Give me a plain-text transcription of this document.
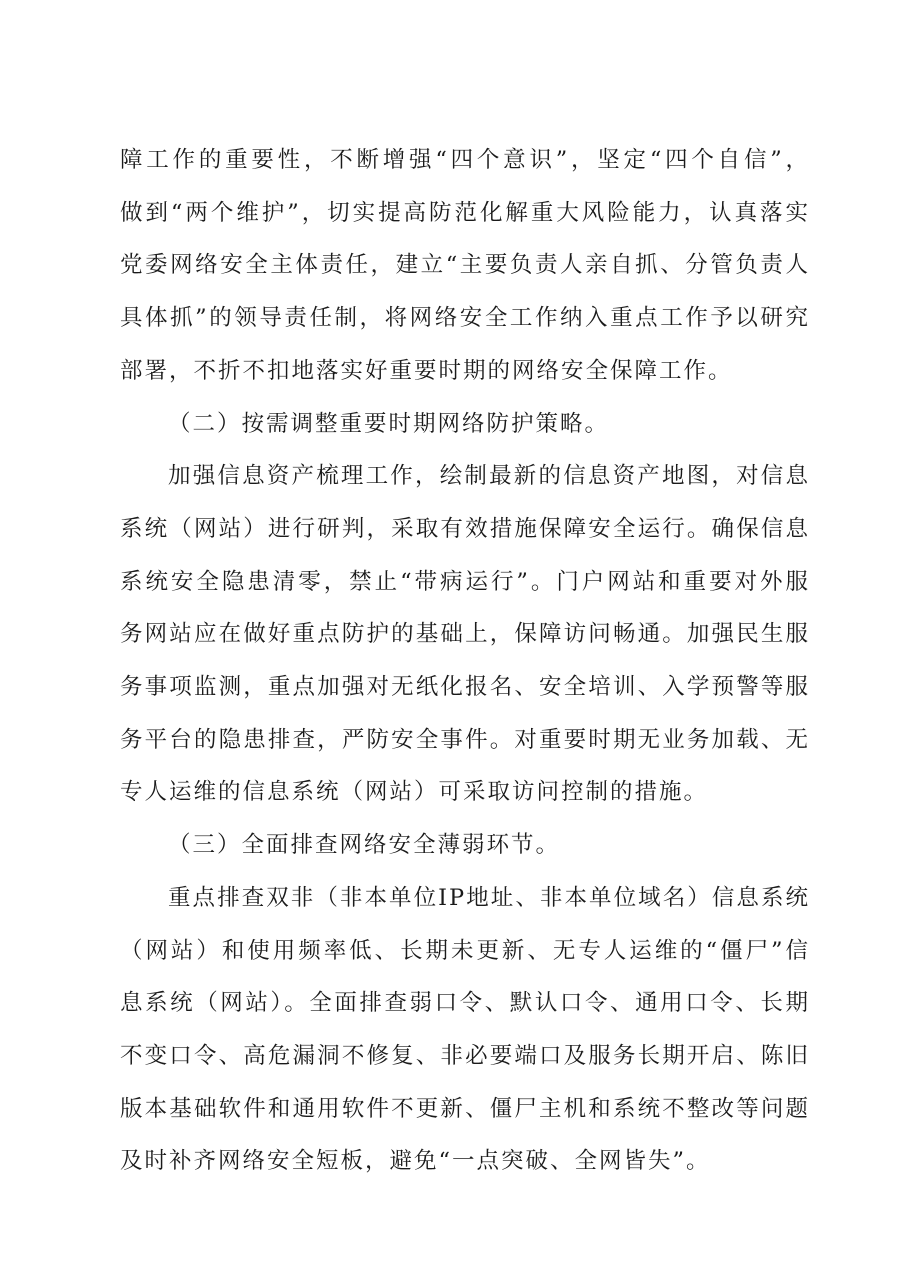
障工作的重要性，不断增强“四个意识”，坚定“四个自信”，
做到“两个维护”，切实提高防范化解重大风险能力，认真落实
党委网络安全主体责任，建立“主要负责人亲自抓、分管负责人
具体抓”的领导责任制，将网络安全工作纳入重点工作予以研究
部署，不折不扣地落实好重要时期的网络安全保障工作。
（二）按需调整重要时期网络防护策略。
加强信息资产梳理工作，绘制最新的信息资产地图，对信息
系统（网站）进行研判，采取有效措施保障安全运行。确保信息
系统安全隐患清零，禁止“带病运行”。门户网站和重要对外服
务网站应在做好重点防护的基础上，保障访问畅通。加强民生服
务事项监测，重点加强对无纸化报名、安全培训、入学预警等服
务平台的隐患排查，严防安全事件。对重要时期无业务加载、无
专人运维的信息系统（网站）可采取访问控制的措施。
（三）全面排查网络安全薄弱环节。
重点排查双非（非本单位IP地址、非本单位域名）信息系统
（网站）和使用频率低、长期未更新、无专人运维的“僵尸”信
息系统（网站）。全面排查弱口令、默认口令、通用口令、长期
不变口令、高危漏洞不修复、非必要端口及服务长期开启、陈旧
版本基础软件和通用软件不更新、僵尸主机和系统不整改等问题
及时补齐网络安全短板，避免“一点突破、全网皆失”。
